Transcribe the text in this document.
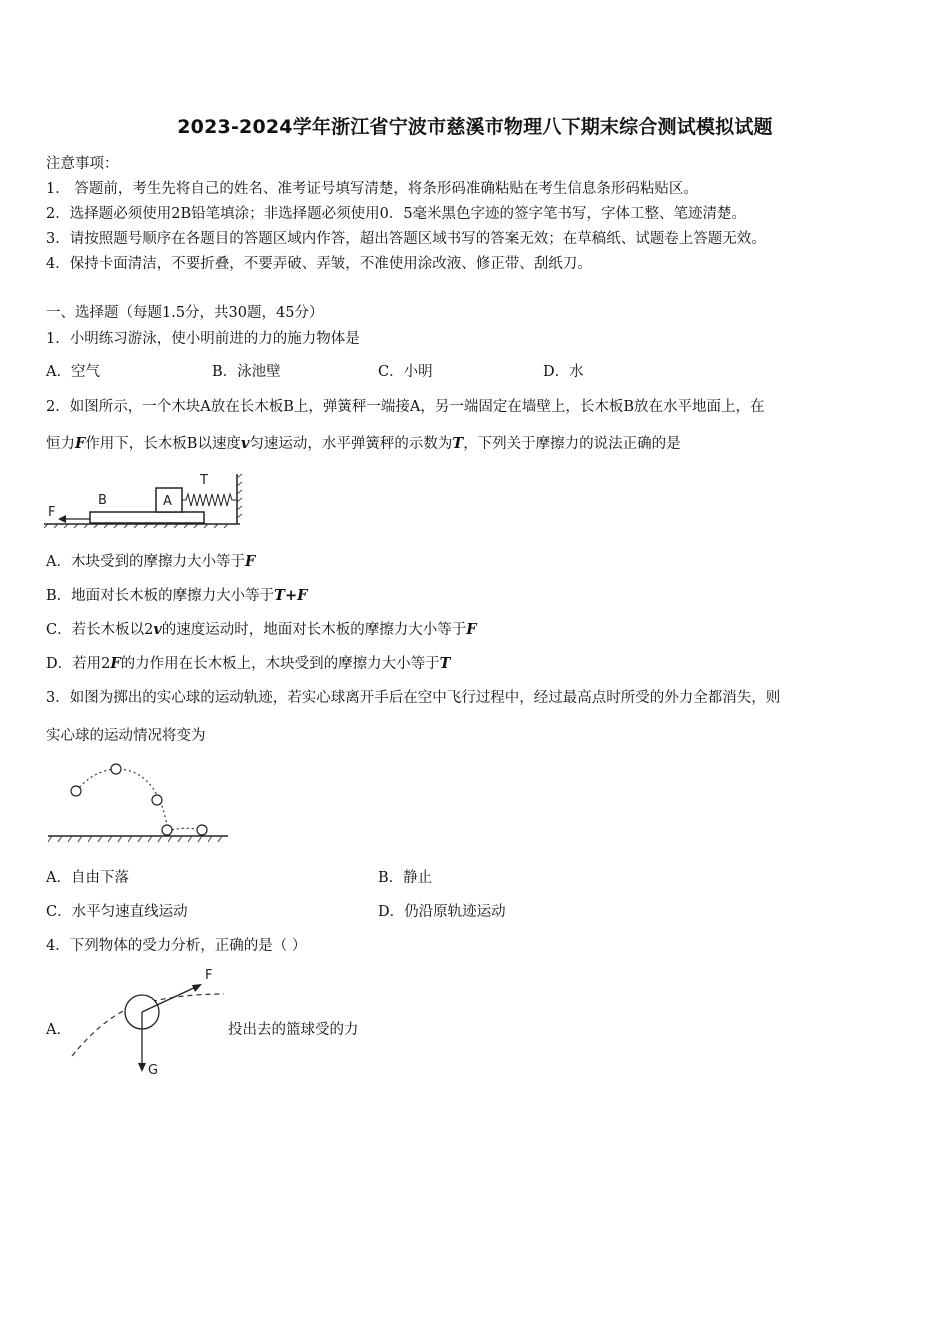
2023-2024学年浙江省宁波市慈溪市物理八下期末综合测试模拟试题
注意事项：
1． 答题前，考生先将自己的姓名、准考证号填写清楚，将条形码准确粘贴在考生信息条形码粘贴区。
2．选择题必须使用2B铅笔填涂；非选择题必须使用0．5毫米黑色字迹的签字笔书写，字体工整、笔迹清楚。
3．请按照题号顺序在各题目的答题区域内作答，超出答题区域书写的答案无效；在草稿纸、试题卷上答题无效。
4．保持卡面清洁，不要折叠，不要弄破、弄皱，不准使用涂改液、修正带、刮纸刀。
一、选择题（每题1.5分，共30题，45分）
1．小明练习游泳，使小明前进的力的施力物体是
A．空气	B．泳池壁	C．小明	D．水
2．如图所示，一个木块A放在长木板B上，弹簧秤一端接A，另一端固定在墙壁上，长木板B放在水平地面上，在
恒力F作用下，长木板B以速度v匀速运动，水平弹簧秤的示数为T，下列关于摩擦力的说法正确的是
F
B	A
T
A．木块受到的摩擦力大小等于F
B．地面对长木板的摩擦力大小等于T+F
C．若长木板以2v的速度运动时，地面对长木板的摩擦力大小等于F
D．若用2F的力作用在长木板上，木块受到的摩擦力大小等于T
3．如图为掷出的实心球的运动轨迹，若实心球离开手后在空中飞行过程中，经过最高点时所受的外力全都消失，则
实心球的运动情况将变为
A．自由下落	B．静止
C．水平匀速直线运动	D．仍沿原轨迹运动
4．下列物体的受力分析，正确的是（ ）
A．
F
G
投出去的篮球受的力
